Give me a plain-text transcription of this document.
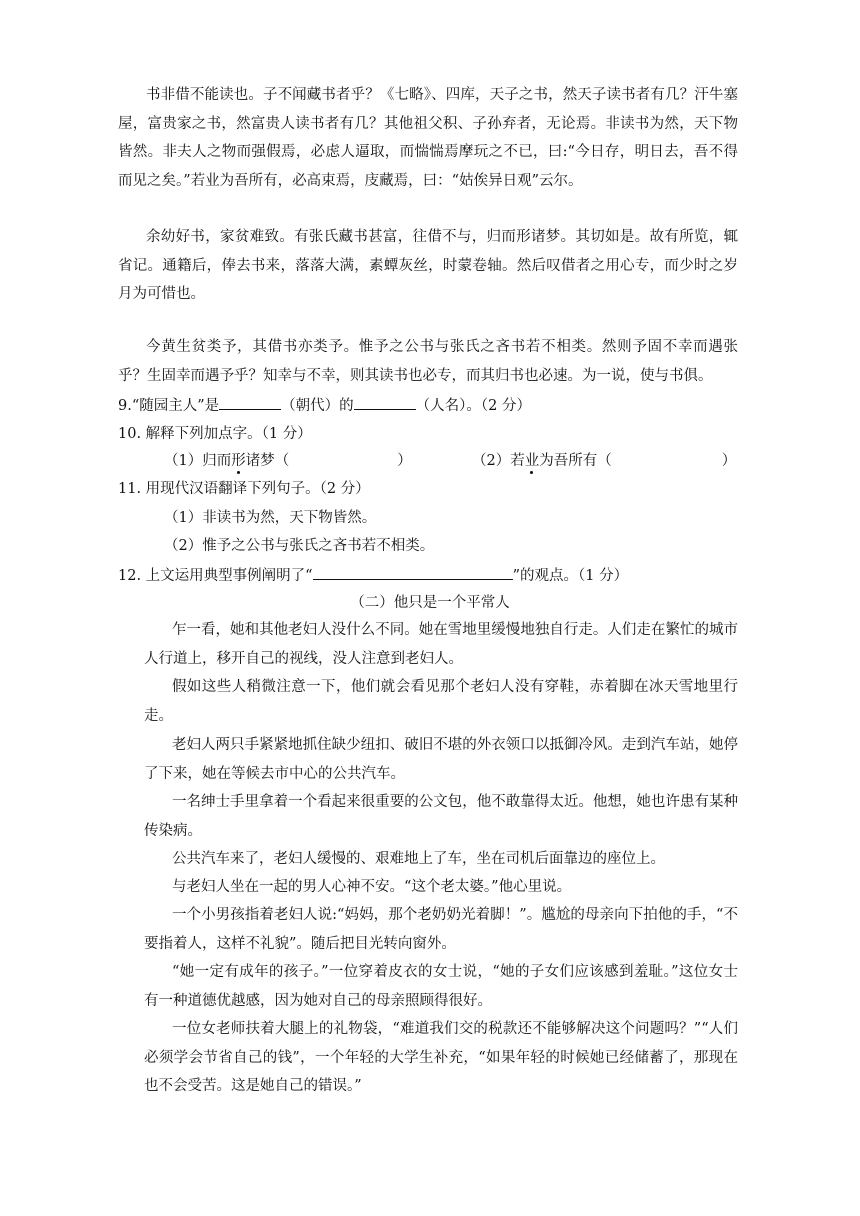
书非借不能读也。子不闻藏书者乎？《七略》、四库，天子之书，然天子读书者有几？汗牛塞屋，富贵家之书，然富贵人读书者有几？其他祖父积、子孙弃者，无论焉。非读书为然，天下物皆然。非夫人之物而强假焉，必虑人逼取，而惴惴焉摩玩之不已，曰:“今日存，明日去，吾不得而见之矣。”若业为吾所有，必高束焉，庋藏焉，曰：“姑俟异日观”云尔。

余幼好书，家贫难致。有张氏藏书甚富，往借不与，归而形诸梦。其切如是。故有所览，辄省记。通籍后，俸去书来，落落大满，素蟫灰丝，时蒙卷轴。然后叹借者之用心专，而少时之岁月为可惜也。

今黄生贫类予，其借书亦类予。惟予之公书与张氏之吝书若不相类。然则予固不幸而遇张乎？生固幸而遇予乎？知幸与不幸，则其读书也必专，而其归书也必速。为一说，使与书俱。

9.“随园主人”是	（朝代）的	（人名）。（2 分）
10. 解释下列加点字。（1 分）
（1）归而形诸梦（	）	（2）若业为吾所有（	）
11. 用现代汉语翻译下列句子。（2 分）
（1）非读书为然，天下物皆然。
（2）惟予之公书与张氏之吝书若不相类。
12. 上文运用典型事例阐明了“	”的观点。（1 分）
（二）他只是一个平常人

乍一看，她和其他老妇人没什么不同。她在雪地里缓慢地独自行走。人们走在繁忙的城市人行道上，移开自己的视线，没人注意到老妇人。

假如这些人稍微注意一下，他们就会看见那个老妇人没有穿鞋，赤着脚在冰天雪地里行走。

老妇人两只手紧紧地抓住缺少纽扣、破旧不堪的外衣领口以抵御冷风。走到汽车站，她停了下来，她在等候去市中心的公共汽车。

一名绅士手里拿着一个看起来很重要的公文包，他不敢靠得太近。他想，她也许患有某种传染病。

公共汽车来了，老妇人缓慢的、艰难地上了车，坐在司机后面靠边的座位上。

与老妇人坐在一起的男人心神不安。“这个老太婆。”他心里说。

一个小男孩指着老妇人说:“妈妈，那个老奶奶光着脚！”。尴尬的母亲向下拍他的手，“不要指着人，这样不礼貌”。随后把目光转向窗外。

“她一定有成年的孩子。”一位穿着皮衣的女士说，“她的子女们应该感到羞耻。”这位女士有一种道德优越感，因为她对自己的母亲照顾得很好。

一位女老师扶着大腿上的礼物袋，“难道我们交的税款还不能够解决这个问题吗？”“人们必须学会节省自己的钱”，一个年轻的大学生补充，“如果年轻的时候她已经储蓄了，那现在也不会受苦。这是她自己的错误。”
